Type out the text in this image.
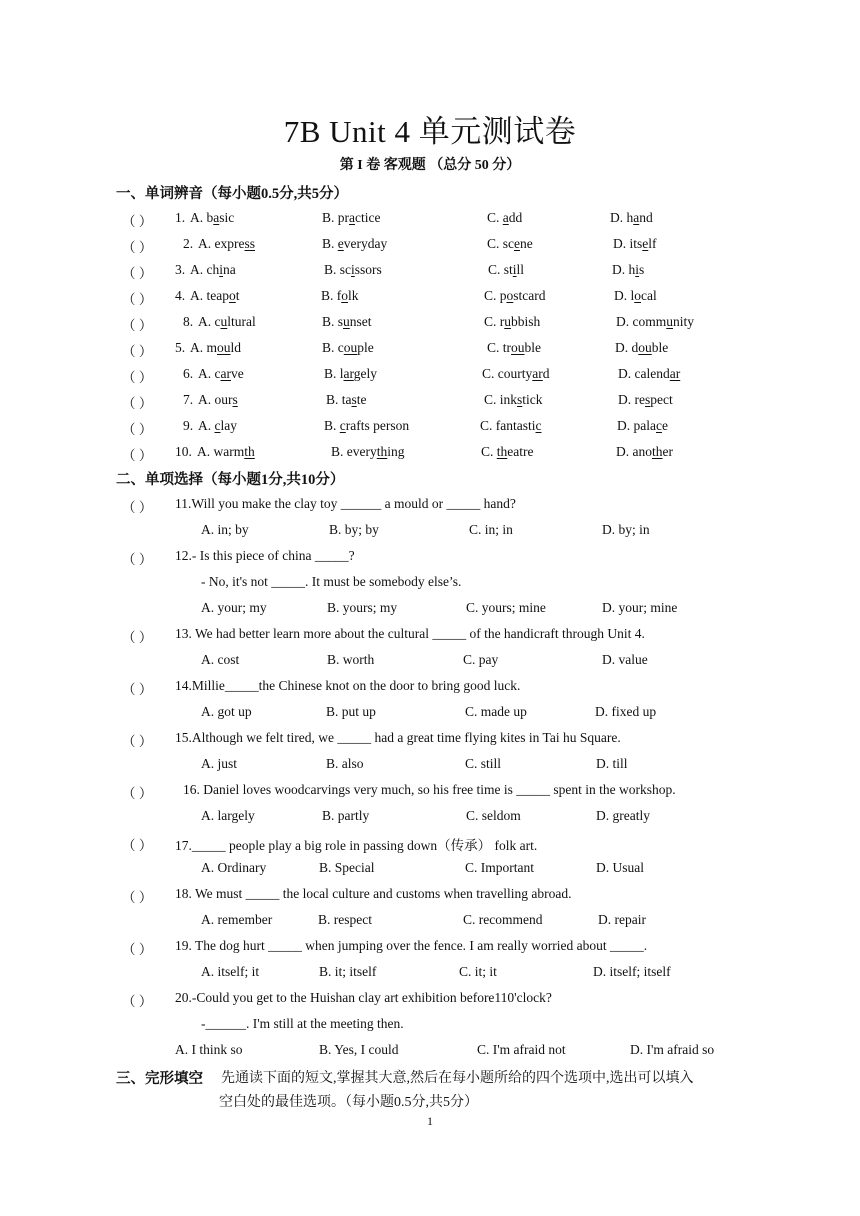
7B Unit 4 单元测试卷
第 I 卷 客观题 （总分 50 分）
一、单词辨音（每小题0.5分,共5分）
（ ） 1. A. basic	B. practice	C. add	D. hand
（ ） 2. A. express	B. everyday	C. scene	D. itself
（ ） 3. A. china	B. scissors	C. still	D. his
（ ） 4. A. teapot	B. folk	C. postcard	D. local
（ ） 8. A. cultural	B. sunset	C. rubbish	D. community
（ ） 5. A. mould	B. couple	C. trouble	D. double
（ ） 6. A. carve	B. largely	C. courtyard	D. calendar
（ ） 7. A. ours	B. taste	C. inkstick	D. respect
（ ） 9. A. clay	B. crafts person	C. fantastic	D. palace
（ ） 10. A. warmth	B. everything	C. theatre	D. another
二、单项选择（每小题1分,共10分）
（ ） 11.Will you make the clay toy ______ a mould or _____ hand?
A. in; by	B. by; by	C. in; in	D. by; in
（ ） 12.- Is this piece of china _____?
- No, it's not _____. It must be somebody else’s.
A. your; my	B. yours; my	C. yours; mine	D. your; mine
（ ） 13. We had better learn more about the cultural _____ of the handicraft through Unit 4.
A. cost	B. worth	C. pay	D. value
（ ） 14.Millie_____the Chinese knot on the door to bring good luck.
A. got up	B. put up	C. made up	D. fixed up
（ ） 15.Although we felt tired, we _____ had a great time flying kites in Tai hu Square.
A. just	B. also	C. still	D. till
（ ） 16. Daniel loves woodcarvings very much, so his free time is _____ spent in the workshop.
A. largely	B. partly	C. seldom	D. greatly
（ ） 17._____ people play a big role in passing down（传承） folk art.
A. Ordinary	B. Special	C. Important	D. Usual
（ ） 18. We must _____ the local culture and customs when travelling abroad.
A. remember	B. respect	C. recommend	D. repair
（ ） 19. The dog hurt _____ when jumping over the fence. I am really worried about _____.
A. itself; it	B. it; itself	C. it; it	D. itself; itself
（ ） 20.-Could you get to the Huishan clay art exhibition before110'clock?
-______. I'm still at the meeting then.
A. I think so	B. Yes, I could	C. I'm afraid not	D. I'm afraid so
三、完形填空 先通读下面的短文,掌握其大意,然后在每小题所给的四个选项中,选出可以填入
空白处的最佳选项。（每小题0.5分,共5分）
1
